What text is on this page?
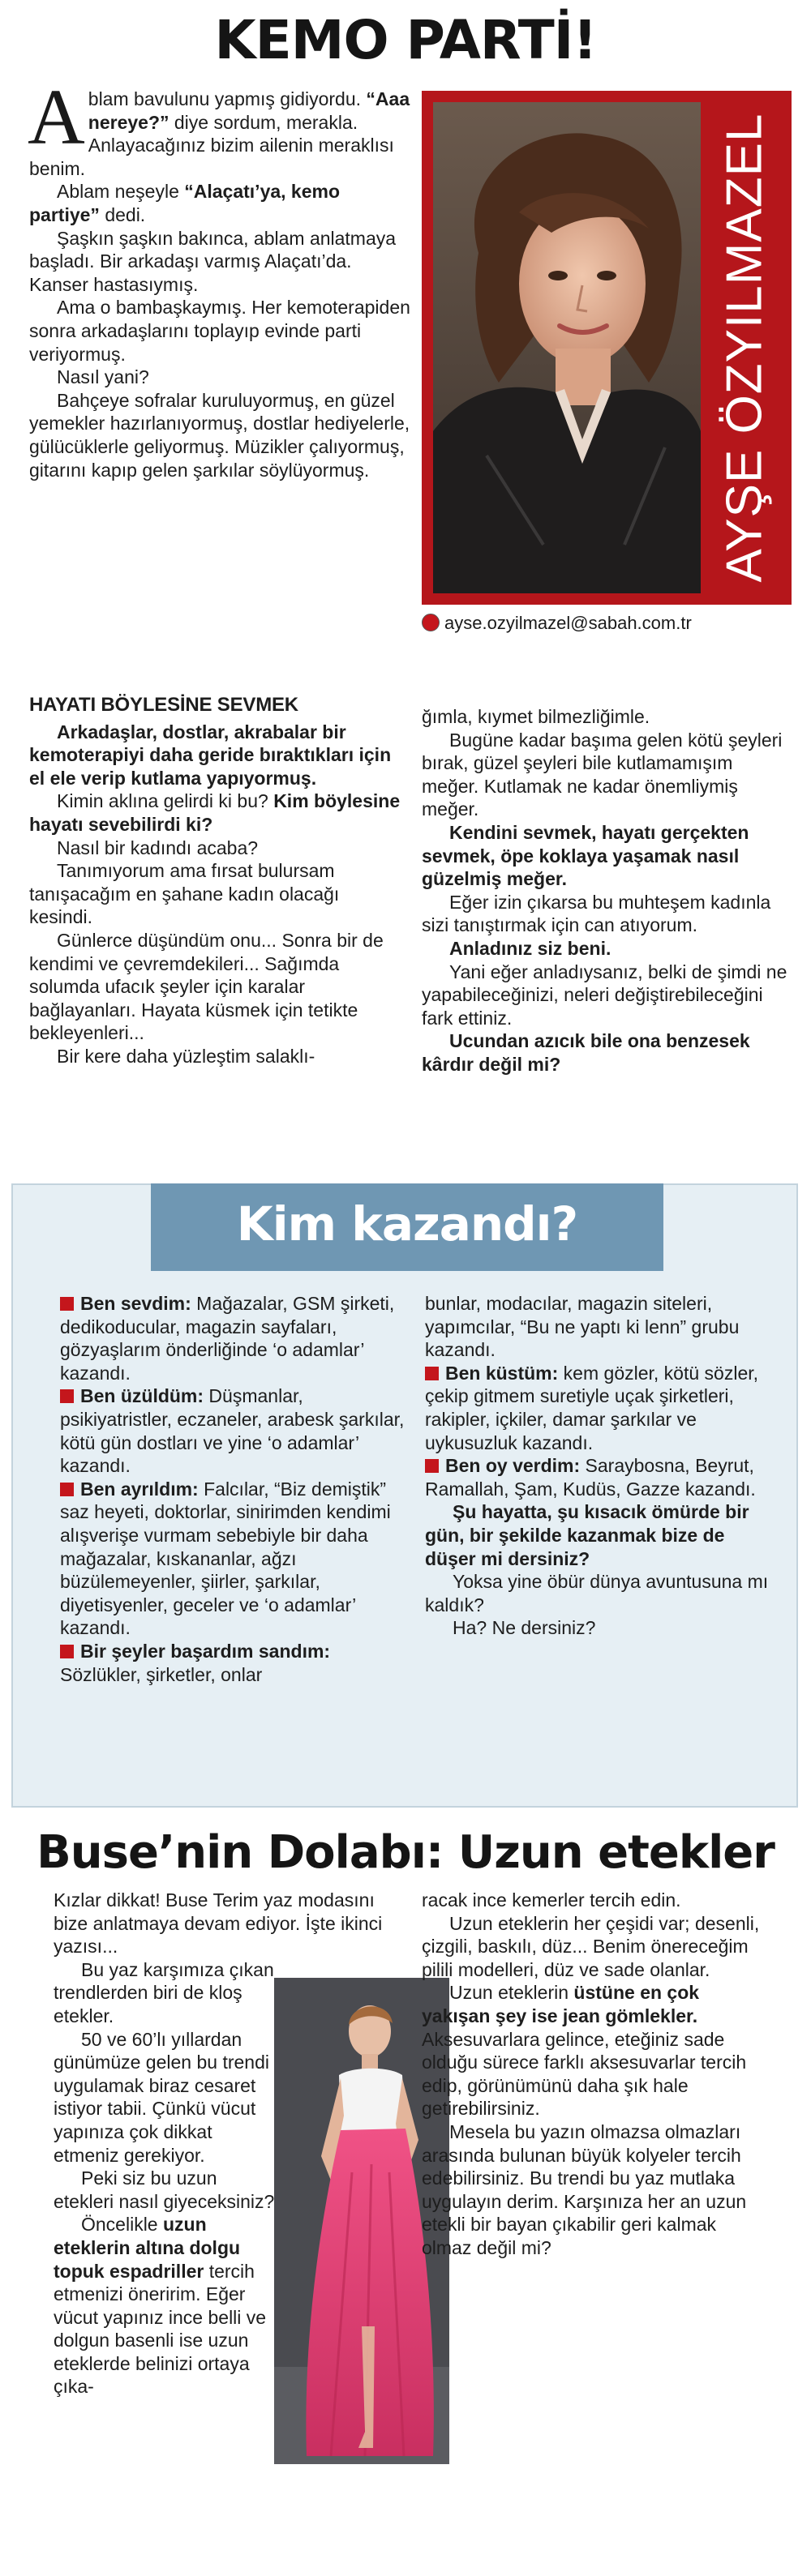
KEMO PARTİ!

Ablam bavulunu yapmış gidiyordu. “Aaa nereye?” diye sordum, merakla. Anlayacağınız bizim ailenin meraklısı benim.

Ablam neşeyle “Alaçatı’ya, kemo partiye” dedi.

Şaşkın şaşkın bakınca, ablam anlatmaya başladı. Bir arkadaşı varmış Alaçatı’da. Kanser hastasıymış.

Ama o bambaşkaymış. Her kemoterapiden sonra arkadaşlarını toplayıp evinde parti veriyormuş.

Nasıl yani?

Bahçeye sofralar kuruluyormuş, en güzel yemekler hazırlanıyormuş, dostlar hediyelerle, gülücüklerle geliyormuş. Müzikler çalıyormuş, gitarını kapıp gelen şarkılar söylüyormuş.	AYŞE ÖZYILMAZEL
ayse.ozyilmazel@sabah.com.tr

HAYATI BÖYLESİNE SEVMEK

Arkadaşlar, dostlar, akrabalar bir kemoterapiyi daha geride bıraktıkları için el ele verip kutlama yapıyormuş.

Kimin aklına gelirdi ki bu? Kim böylesine hayatı sevebilirdi ki?

Nasıl bir kadındı acaba?

Tanımıyorum ama fırsat bulursam tanışacağım en şahane kadın olacağı kesindi.

Günlerce düşündüm onu... Sonra bir de kendimi ve çevremdekileri... Sağımda solumda ufacık şeyler için karalar bağlayanları. Hayata küsmek için tetikte bekleyenleri...

Bir kere daha yüzleştim salaklı-

ğımla, kıymet bilmezliğimle.

Bugüne kadar başıma gelen kötü şeyleri bırak, güzel şeyleri bile kutlamamışım meğer. Kutlamak ne kadar önemliymiş meğer.

Kendini sevmek, hayatı gerçekten sevmek, öpe koklaya yaşamak nasıl güzelmiş meğer.

Eğer izin çıkarsa bu muhteşem kadınla sizi tanıştırmak için can atıyorum.

Anladınız siz beni.

Yani eğer anladıysanız, belki de şimdi ne yapabileceğinizi, neleri değiştirebileceğini fark ettiniz.

Ucundan azıcık bile ona benzesek kârdır değil mi?

Kim kazandı?

Ben sevdim: Mağazalar, GSM şirketi, dedikoducular, magazin sayfaları, gözyaşlarım önderliğinde ‘o adamlar’ kazandı.

Ben üzüldüm: Düşmanlar, psikiyatristler, eczaneler, arabesk şarkılar, kötü gün dostları ve yine ‘o adamlar’ kazandı.

Ben ayrıldım: Falcılar, “Biz demiştik” saz heyeti, doktorlar, sinirimden kendimi alışverişe vurmam sebebiyle bir daha mağazalar, kıskananlar, ağzı büzülemeyenler, şiirler, şarkılar, diyetisyenler, geceler ve ‘o adamlar’ kazandı.

Bir şeyler başardım sandım: Sözlükler, şirketler, onlar

bunlar, modacılar, magazin siteleri, yapımcılar, “Bu ne yaptı ki lenn” grubu kazandı.

Ben küstüm: kem gözler, kötü sözler, çekip gitmem suretiyle uçak şirketleri, rakipler, içkiler, damar şarkılar ve uykusuzluk kazandı.

Ben oy verdim: Saraybosna, Beyrut, Ramallah, Şam, Kudüs, Gazze kazandı.

Şu hayatta, şu kısacık ömürde bir gün, bir şekilde kazanmak bize de düşer mi dersiniz?

Yoksa yine öbür dünya avuntusuna mı kaldık?

Ha? Ne dersiniz?

Buse’nin Dolabı: Uzun etekler

Kızlar dikkat! Buse Terim yaz modasını bize anlatmaya devam ediyor. İşte ikinci yazısı...

Bu yaz karşımıza çıkan trendlerden biri de kloş etekler.

50 ve 60’lı yıllardan günümüze gelen bu trendi uygulamak biraz cesaret istiyor tabii. Çünkü vücut yapınıza çok dikkat etmeniz gerekiyor.

Peki siz bu uzun etekleri nasıl giyeceksiniz?

Öncelikle uzun eteklerin altına dolgu topuk espadriller tercih etmenizi öneririm. Eğer vücut yapınız ince belli ve dolgun basenli ise uzun eteklerde belinizi ortaya çıka-

racak ince kemerler tercih edin.

Uzun eteklerin her çeşidi var; desenli, çizgili, baskılı, düz... Benim önereceğim pilili modelleri, düz ve sade olanlar.

Uzun eteklerin üstüne en çok yakışan şey ise jean gömlekler. Aksesuvarlara gelince, eteğiniz sade olduğu sürece farklı aksesuvarlar tercih edip, görünümünü daha şık hale getirebilirsiniz.

Mesela bu yazın olmazsa olmazları arasında bulunan büyük kolyeler tercih edebilirsiniz. Bu trendi bu yaz mutlaka uygulayın derim. Karşınıza her an uzun etekli bir bayan çıkabilir geri kalmak olmaz değil mi?
